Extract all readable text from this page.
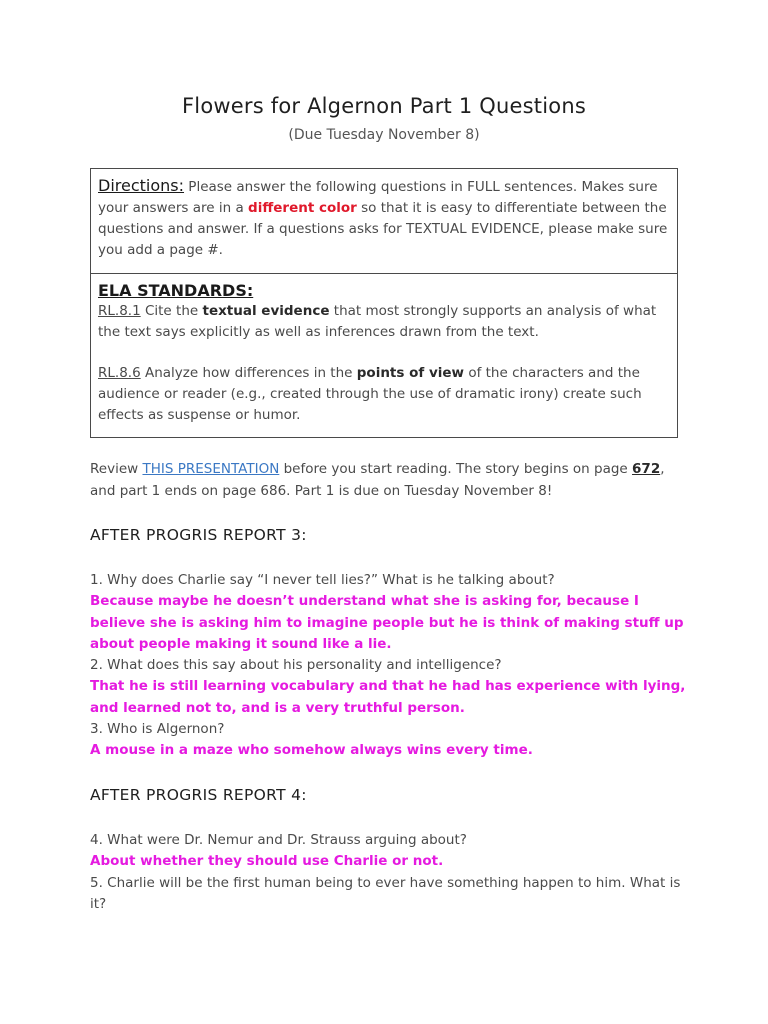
Flowers for Algernon Part 1 Questions
(Due Tuesday November 8)
Directions: Please answer the following questions in FULL sentences. Makes sure your answers are in a different color so that it is easy to differentiate between the questions and answer. If a questions asks for TEXTUAL EVIDENCE, please make sure you add a page #.
ELA STANDARDS:
RL.8.1 Cite the textual evidence that most strongly supports an analysis of what the text says explicitly as well as inferences drawn from the text.
RL.8.6 Analyze how differences in the points of view of the characters and the audience or reader (e.g., created through the use of dramatic irony) create such effects as suspense or humor.
Review THIS PRESENTATION before you start reading. The story begins on page 672, and part 1 ends on page 686. Part 1 is due on Tuesday November 8!
AFTER PROGRIS REPORT 3:
1. Why does Charlie say “I never tell lies?” What is he talking about?
Because maybe he doesn’t understand what she is asking for, because I believe she is asking him to imagine people but he is think of making stuff up about people making it sound like a lie.
2. What does this say about his personality and intelligence?
That he is still learning vocabulary and that he had has experience with lying, and learned not to, and is a very truthful person.
3. Who is Algernon?
A mouse in a maze who somehow always wins every time.
AFTER PROGRIS REPORT 4:
4. What were Dr. Nemur and Dr. Strauss arguing about?
About whether they should use Charlie or not.
5. Charlie will be the first human being to ever have something happen to him. What is it?
